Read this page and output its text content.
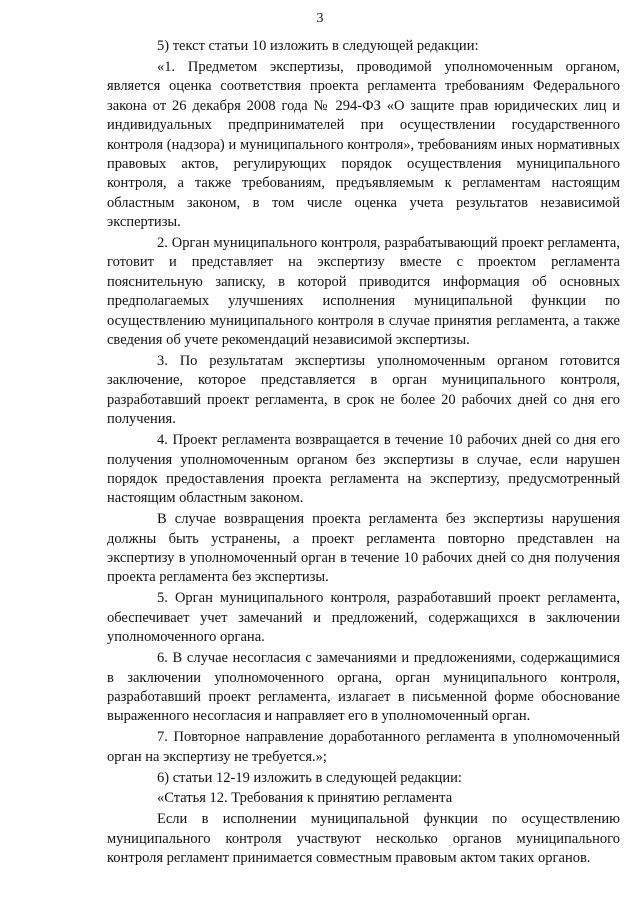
3

5) текст статьи 10 изложить в следующей редакции:

«1. Предметом экспертизы, проводимой уполномоченным органом, является оценка соответствия проекта регламента требованиям Федерального закона от 26 декабря 2008 года № 294-ФЗ «О защите прав юридических лиц и индивидуальных предпринимателей при осуществлении государственного контроля (надзора) и муниципального контроля», требованиям иных нормативных правовых актов, регулирующих порядок осуществления муниципального контроля, а также требованиям, предъявляемым к регламентам настоящим областным законом, в том числе оценка учета результатов независимой экспертизы.

2. Орган муниципального контроля, разрабатывающий проект регламента, готовит и представляет на экспертизу вместе с проектом регламента пояснительную записку, в которой приводится информация об основных предполагаемых улучшениях исполнения муниципальной функции по осуществлению муниципального контроля в случае принятия регламента, а также сведения об учете рекомендаций независимой экспертизы.

3. По результатам экспертизы уполномоченным органом готовится заключение, которое представляется в орган муниципального контроля, разработавший проект регламента, в срок не более 20 рабочих дней со дня его получения.

4. Проект регламента возвращается в течение 10 рабочих дней со дня его получения уполномоченным органом без экспертизы в случае, если нарушен порядок предоставления проекта регламента на экспертизу, предусмотренный настоящим областным законом.

В случае возвращения проекта регламента без экспертизы нарушения должны быть устранены, а проект регламента повторно представлен на экспертизу в уполномоченный орган в течение 10 рабочих дней со дня получения проекта регламента без экспертизы.

5. Орган муниципального контроля, разработавший проект регламента, обеспечивает учет замечаний и предложений, содержащихся в заключении уполномоченного органа.

6. В случае несогласия с замечаниями и предложениями, содержащимися в заключении уполномоченного органа, орган муниципального контроля, разработавший проект регламента, излагает в письменной форме обоснование выраженного несогласия и направляет его в уполномоченный орган.

7. Повторное направление доработанного регламента в уполномоченный орган на экспертизу не требуется.»;

6) статьи 12-19 изложить в следующей редакции:

«Статья 12. Требования к принятию регламента

Если в исполнении муниципальной функции по осуществлению муниципального контроля участвуют несколько органов муниципального контроля регламент принимается совместным правовым актом таких органов.
